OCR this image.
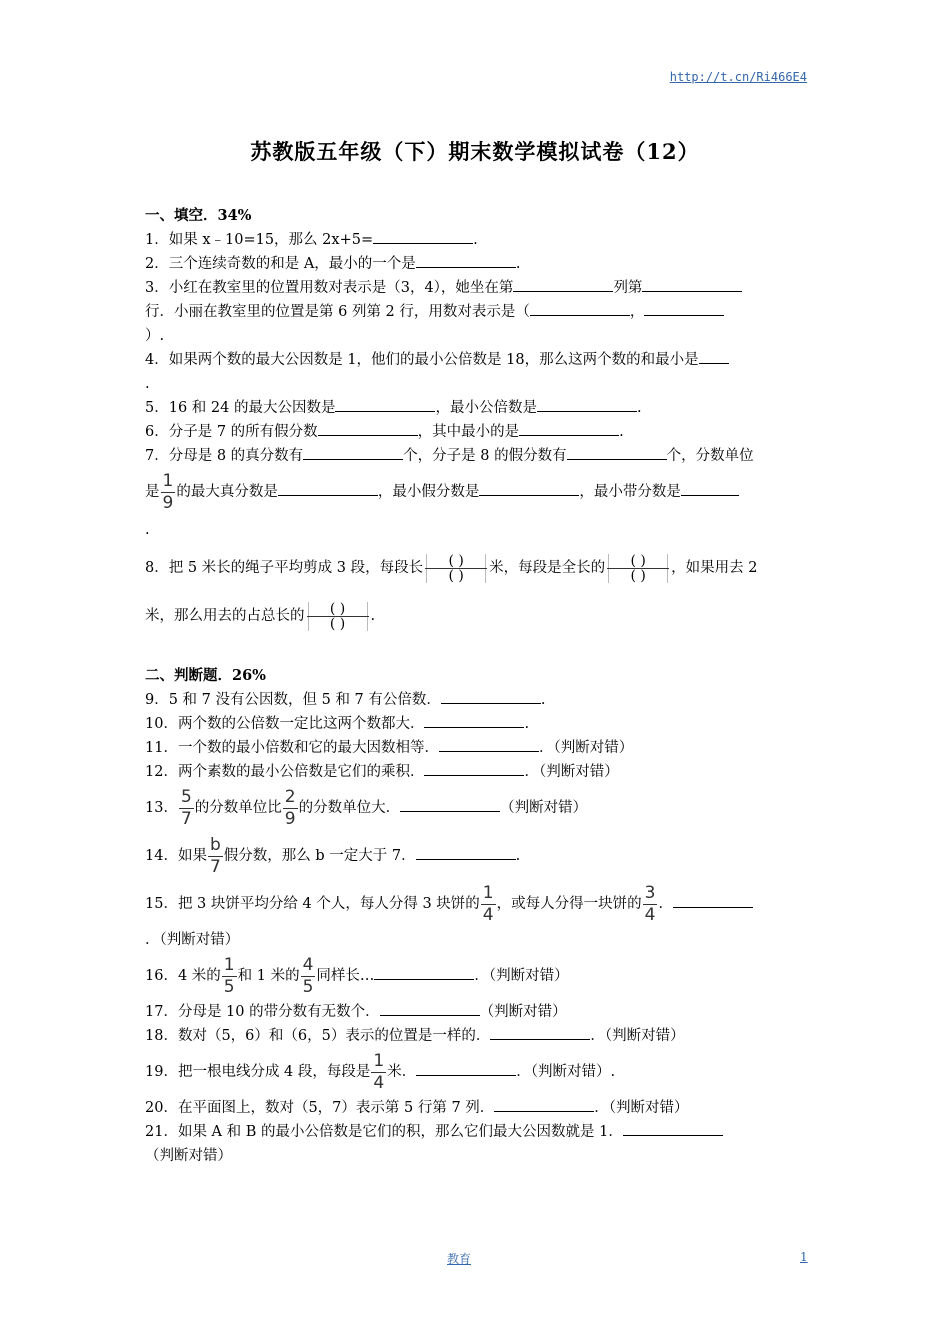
http://t.cn/Ri466E4
苏教版五年级（下）期末数学模拟试卷（12）
一、填空．34%
1．如果 x﹣10=15，那么 2x+5=	.
2．三个连续奇数的和是 A，最小的一个是	.
3．小红在教室里的位置用数对表示是（3，4），她坐在第	列第
行．小丽在教室里的位置是第 6 列第 2 行，用数对表示是（	，
）.
4．如果两个数的最大公因数是 1，他们的最小公倍数是 18，那么这两个数的和最小是
.
5．16 和 24 的最大公因数是	，最小公倍数是	.
6．分子是 7 的所有假分数	，其中最小的是	.
7．分母是 8 的真分数有	个，分子是 8 的假分数有	个，分数单位
是 $\frac{1}{9}$ 的最大真分数是	，最小假分数是	，最小带分数是
.
8．把 5 米长的绳子平均剪成 3 段，每段长	( )
( )	米，每段是全长的	( )
( )	，如果用去 2
米，那么用去的占总长的	( )
( )	.
二、判断题．26%
9．5 和 7 没有公因数，但 5 和 7 有公倍数．	.
10．两个数的公倍数一定比这两个数都大．	.
11．一个数的最小倍数和它的最大因数相等．	．（判断对错）
12．两个素数的最小公倍数是它们的乘积．	．（判断对错）
13． $\frac{5}{7}$ 的分数单位比 $\frac{2}{9}$ 的分数单位大．	（判断对错）
14．如果 $\frac{b}{7}$ 假分数，那么 b 一定大于 7．	.
15．把 3 块饼平均分给 4 个人，每人分得 3 块饼的 $\frac{1}{4}$ ，或每人分得一块饼的 $\frac{3}{4}$ ．
．（判断对错）
16．4 米的 $\frac{1}{5}$ 和 1 米的 $\frac{4}{5}$ 同样长…	．（判断对错）
17．分母是 10 的带分数有无数个．	（判断对错）
18．数对（5，6）和（6，5）表示的位置是一样的．	．（判断对错）
19．把一根电线分成 4 段，每段是 $\frac{1}{4}$ 米．	．（判断对错）.
20．在平面图上，数对（5，7）表示第 5 行第 7 列．	．（判断对错）
21．如果 A 和 B 的最小公倍数是它们的积，那么它们最大公因数就是 1．
（判断对错）
教育	1
